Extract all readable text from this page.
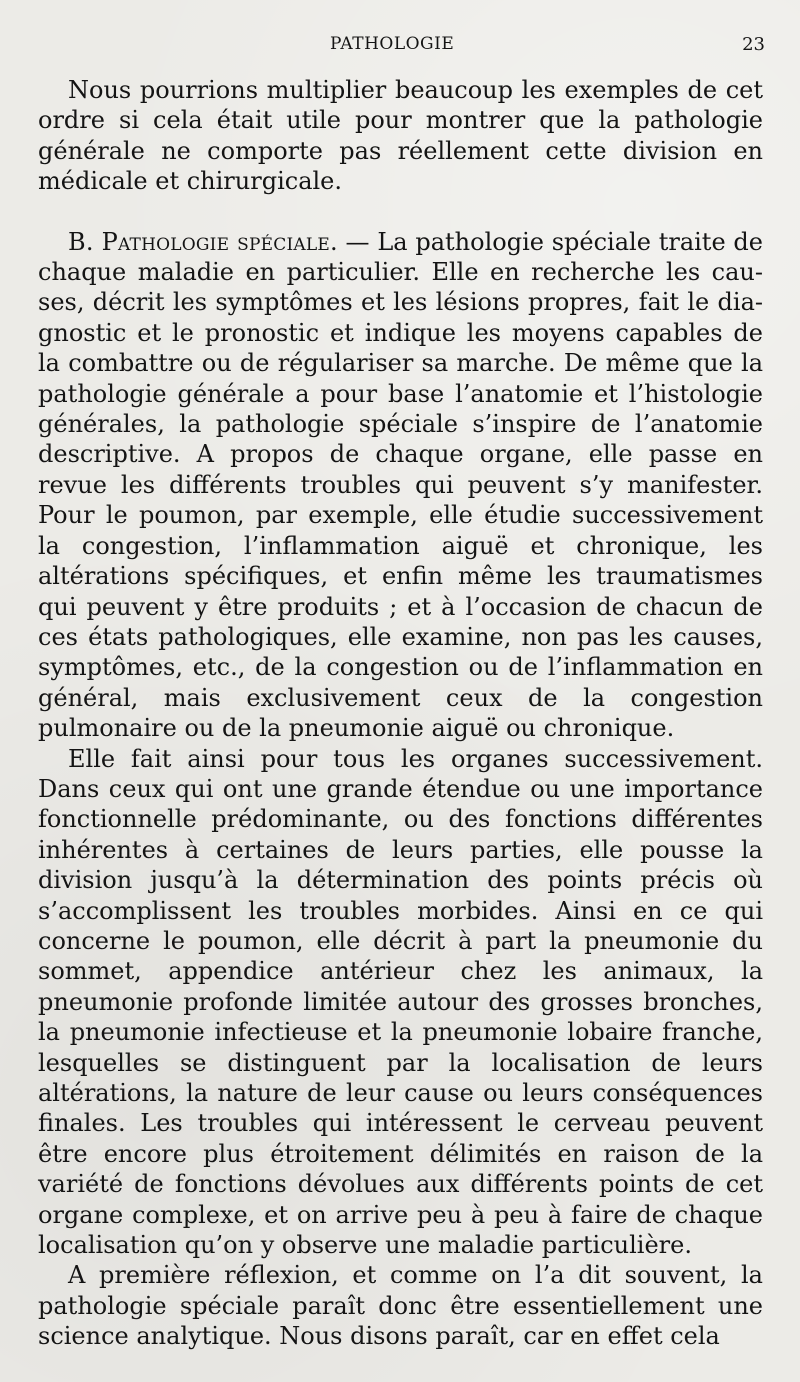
PATHOLOGIE	23

Nous pourrions multiplier beaucoup les exemples de cet ordre si cela était utile pour montrer que la pathologie générale ne comporte pas réellement cette division en médicale et chirurgicale.

B. Pathologie spéciale. — La pathologie spéciale traite de chaque maladie en particulier. Elle en recherche les causes, décrit les symptômes et les lésions propres, fait le diagnostic et le pronostic et indique les moyens capables de la combattre ou de régulariser sa marche. De même que la pathologie générale a pour base l’anatomie et l’histologie générales, la pathologie spéciale s’inspire de l’anatomie descriptive. A propos de chaque organe, elle passe en revue les différents troubles qui peuvent s’y manifester. Pour le poumon, par exemple, elle étudie successivement la congestion, l’inflammation aiguë et chronique, les altérations spécifiques, et enfin même les traumatismes qui peuvent y être produits ; et à l’occasion de chacun de ces états pathologiques, elle examine, non pas les causes, symptômes, etc., de la congestion ou de l’inflammation en général, mais exclusivement ceux de la congestion pulmonaire ou de la pneumonie aiguë ou chronique.

Elle fait ainsi pour tous les organes successivement. Dans ceux qui ont une grande étendue ou une importance fonctionnelle prédominante, ou des fonctions différentes inhérentes à certaines de leurs parties, elle pousse la division jusqu’à la détermination des points précis où s’accomplissent les troubles morbides. Ainsi en ce qui concerne le poumon, elle décrit à part la pneumonie du sommet, appendice antérieur chez les animaux, la pneumonie profonde limitée autour des grosses bronches, la pneumonie infectieuse et la pneumonie lobaire franche, lesquelles se distinguent par la localisation de leurs altérations, la nature de leur cause ou leurs conséquences finales. Les troubles qui intéressent le cerveau peuvent être encore plus étroitement délimités en raison de la variété de fonctions dévolues aux différents points de cet organe complexe, et on arrive peu à peu à faire de chaque localisation qu’on y observe une maladie particulière.

A première réflexion, et comme on l’a dit souvent, la pathologie spéciale paraît donc être essentiellement une science analytique. Nous disons paraît, car en effet cela
